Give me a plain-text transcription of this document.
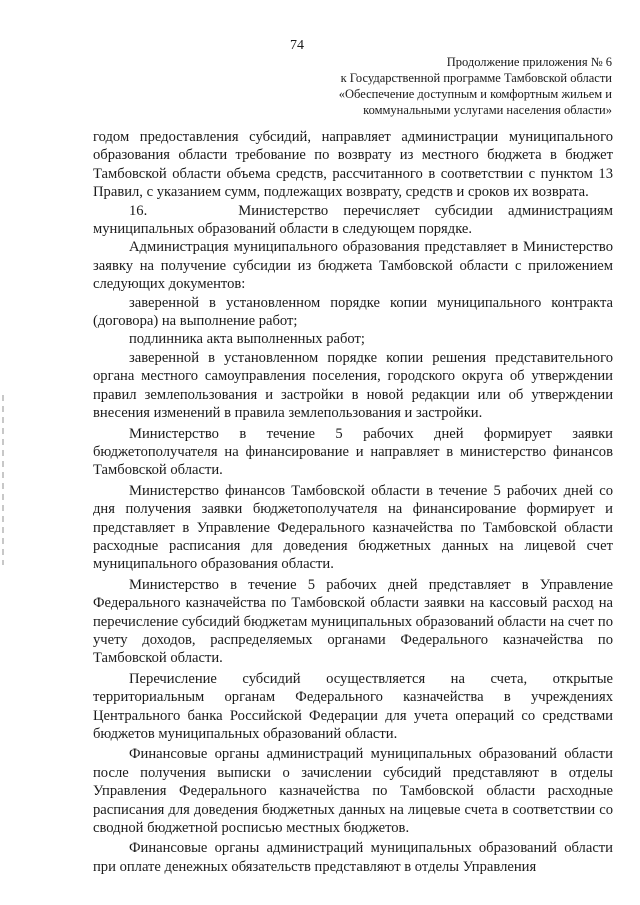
74
Продолжение приложения № 6
к Государственной программе Тамбовской области
«Обеспечение доступным и комфортным жильем и
коммунальными услугами населения области»

годом предоставления субсидий, направляет администрации муниципального образования области требование по возврату из местного бюджета в бюджет Тамбовской области объема средств, рассчитанного в соответствии с пунктом 13 Правил, с указанием сумм, подлежащих возврату, средств и сроков их возврата.

16.      Министерство перечисляет субсидии администрациям муниципальных образований области в следующем порядке.

Администрация муниципального образования представляет в Министерство заявку на получение субсидии из бюджета Тамбовской области с приложением следующих документов:

заверенной в установленном порядке копии муниципального контракта (договора) на выполнение работ;

подлинника акта выполненных работ;

заверенной в установленном порядке копии решения представительного органа местного самоуправления поселения, городского округа об утверждении правил землепользования и застройки в новой редакции или об утверждении внесения изменений в правила землепользования и застройки.

Министерство в течение 5 рабочих дней формирует заявки бюджетополучателя на финансирование и направляет в министерство финансов Тамбовской области.

Министерство финансов Тамбовской области в течение 5 рабочих дней со дня получения заявки бюджетополучателя на финансирование формирует и представляет в Управление Федерального казначейства по Тамбовской области расходные расписания для доведения бюджетных данных на лицевой счет муниципального образования области.

Министерство в течение 5 рабочих дней представляет в Управление Федерального казначейства по Тамбовской области заявки на кассовый расход на перечисление субсидий бюджетам муниципальных образований области на счет по учету доходов, распределяемых органами Федерального казначейства по Тамбовской области.

Перечисление субсидий осуществляется на счета, открытые территориальным органам Федерального казначейства в учреждениях Центрального банка Российской Федерации для учета операций со средствами бюджетов муниципальных образований области.

Финансовые органы администраций муниципальных образований области после получения выписки о зачислении субсидий представляют в отделы Управления Федерального казначейства по Тамбовской области расходные расписания для доведения бюджетных данных на лицевые счета в соответствии со сводной бюджетной росписью местных бюджетов.

Финансовые органы администраций муниципальных образований области при оплате денежных обязательств представляют в отделы Управления
